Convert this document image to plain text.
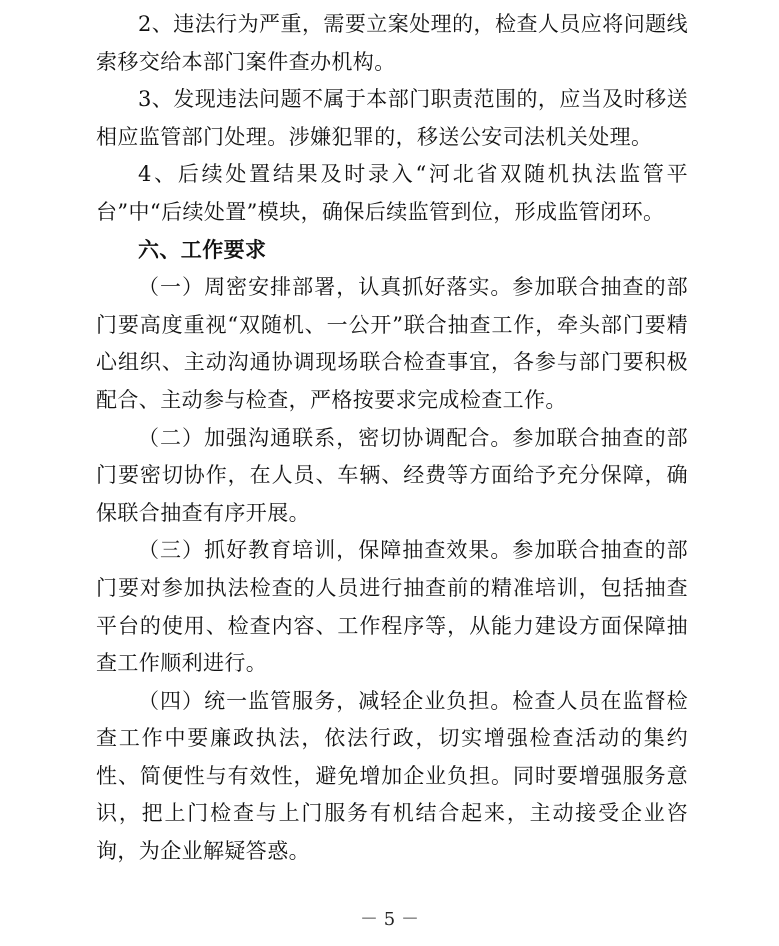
2、违法行为严重，需要立案处理的，检查人员应将问题线索移交给本部门案件查办机构。

3、发现违法问题不属于本部门职责范围的，应当及时移送相应监管部门处理。涉嫌犯罪的，移送公安司法机关处理。

4、后续处置结果及时录入“河北省双随机执法监管平台”中“后续处置”模块，确保后续监管到位，形成监管闭环。

六、工作要求

（一）周密安排部署，认真抓好落实。参加联合抽查的部门要高度重视“双随机、一公开”联合抽查工作，牵头部门要精心组织、主动沟通协调现场联合检查事宜，各参与部门要积极配合、主动参与检查，严格按要求完成检查工作。

（二）加强沟通联系，密切协调配合。参加联合抽查的部门要密切协作，在人员、车辆、经费等方面给予充分保障，确保联合抽查有序开展。

（三）抓好教育培训，保障抽查效果。参加联合抽查的部门要对参加执法检查的人员进行抽查前的精准培训，包括抽查平台的使用、检查内容、工作程序等，从能力建设方面保障抽查工作顺利进行。

（四）统一监管服务，减轻企业负担。检查人员在监督检查工作中要廉政执法，依法行政，切实增强检查活动的集约性、简便性与有效性，避免增加企业负担。同时要增强服务意识，把上门检查与上门服务有机结合起来，主动接受企业咨询，为企业解疑答惑。

－ 5 －
